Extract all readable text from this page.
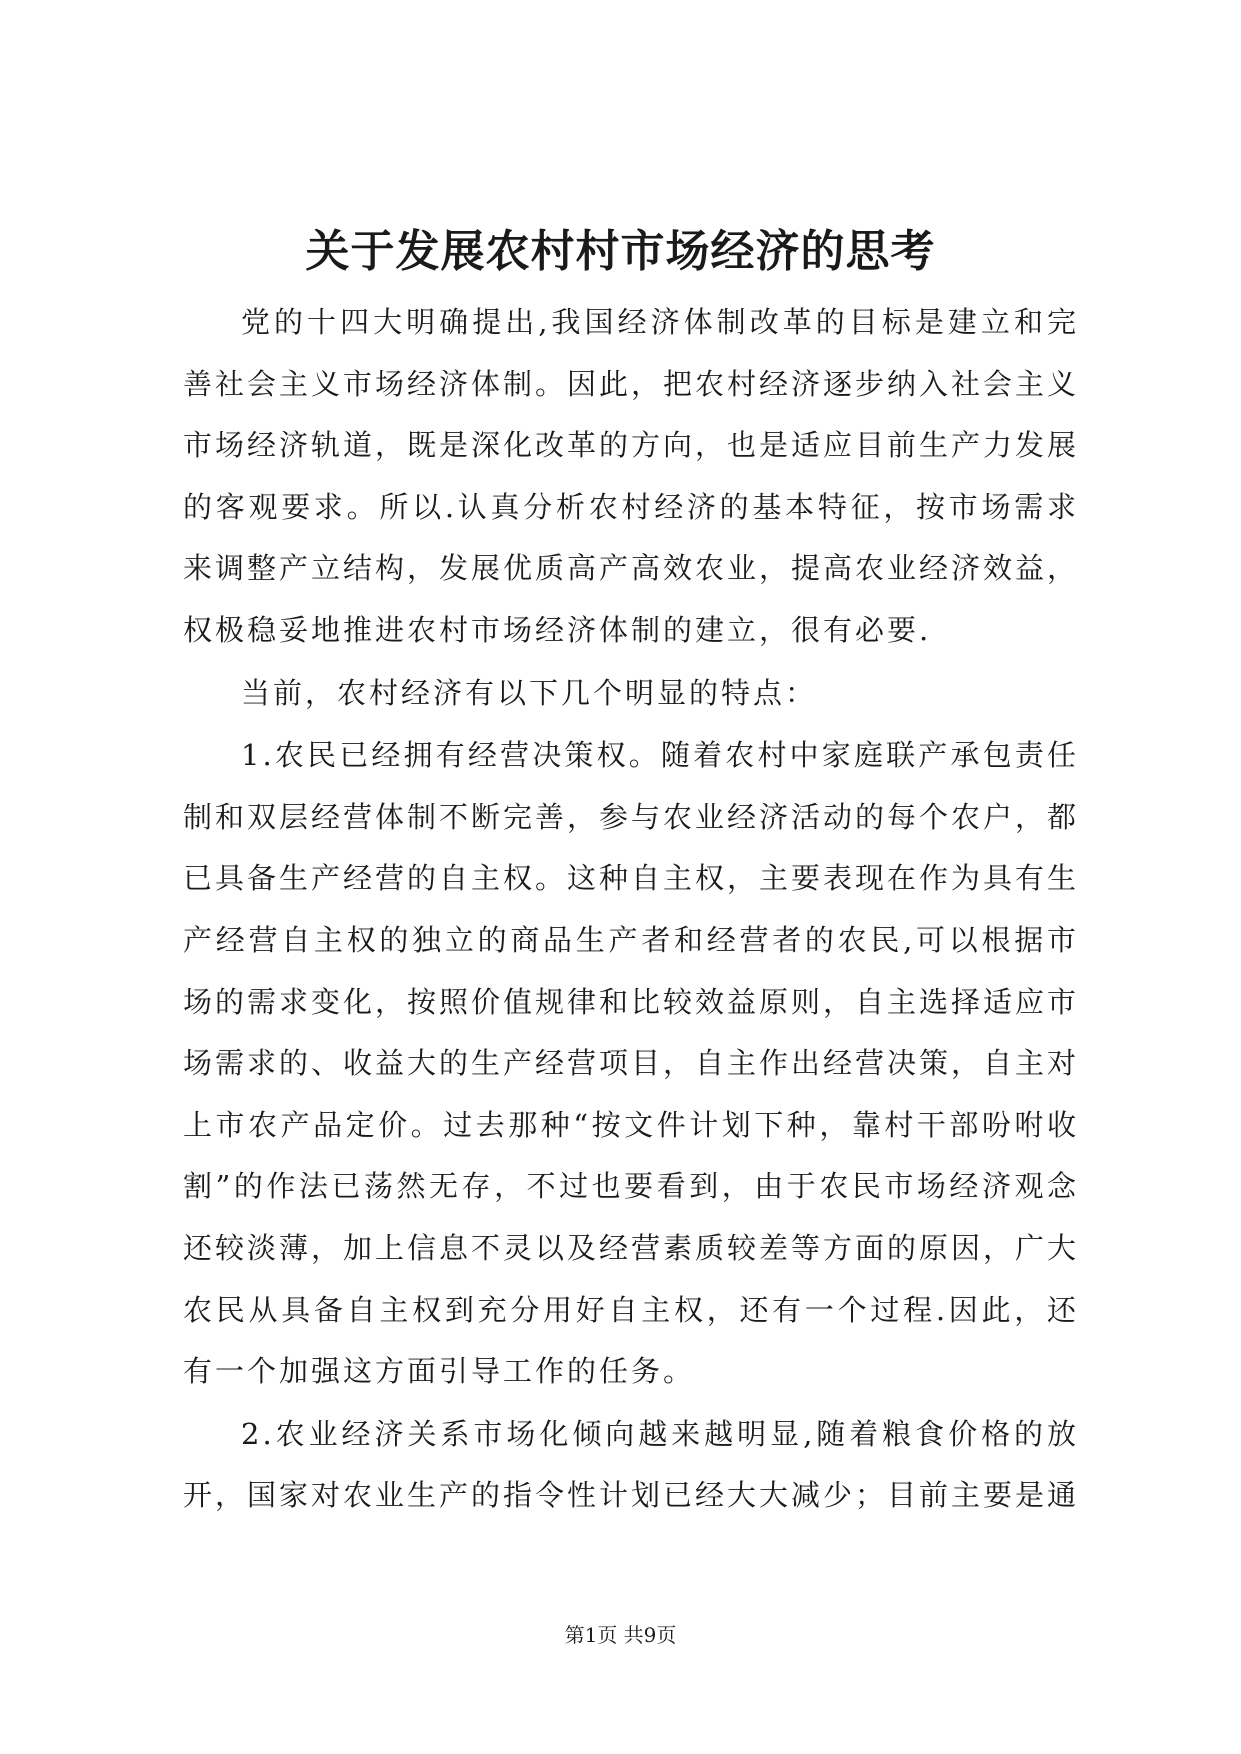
关于发展农村村市场经济的思考

党的十四大明确提出,我国经济体制改革的目标是建立和完善社会主义市场经济体制。因此，把农村经济逐步纳入社会主义市场经济轨道，既是深化改革的方向，也是适应目前生产力发展的客观要求。所以.认真分析农村经济的基本特征，按市场需求来调整产立结构，发展优质高产高效农业，提高农业经济效益，权极稳妥地推进农村市场经济体制的建立，很有必要.

当前，农村经济有以下几个明显的特点：

1.农民已经拥有经营决策权。随着农村中家庭联产承包责任制和双层经营体制不断完善，参与农业经济活动的每个农户，都已具备生产经营的自主权。这种自主权，主要表现在作为具有生产经营自主权的独立的商品生产者和经营者的农民,可以根据市场的需求变化，按照价值规律和比较效益原则，自主选择适应市场需求的、收益大的生产经营项目，自主作出经营决策，自主对上市农产品定价。过去那种“按文件计划下种，靠村干部吩咐收割”的作法已荡然无存，不过也要看到，由于农民市场经济观念还较淡薄，加上信息不灵以及经营素质较差等方面的原因，广大农民从具备自主权到充分用好自主权，还有一个过程.因此，还有一个加强这方面引导工作的任务。

2.农业经济关系市场化倾向越来越明显,随着粮食价格的放开，国家对农业生产的指令性计划已经大大减少；目前主要是通

第1页 共9页
